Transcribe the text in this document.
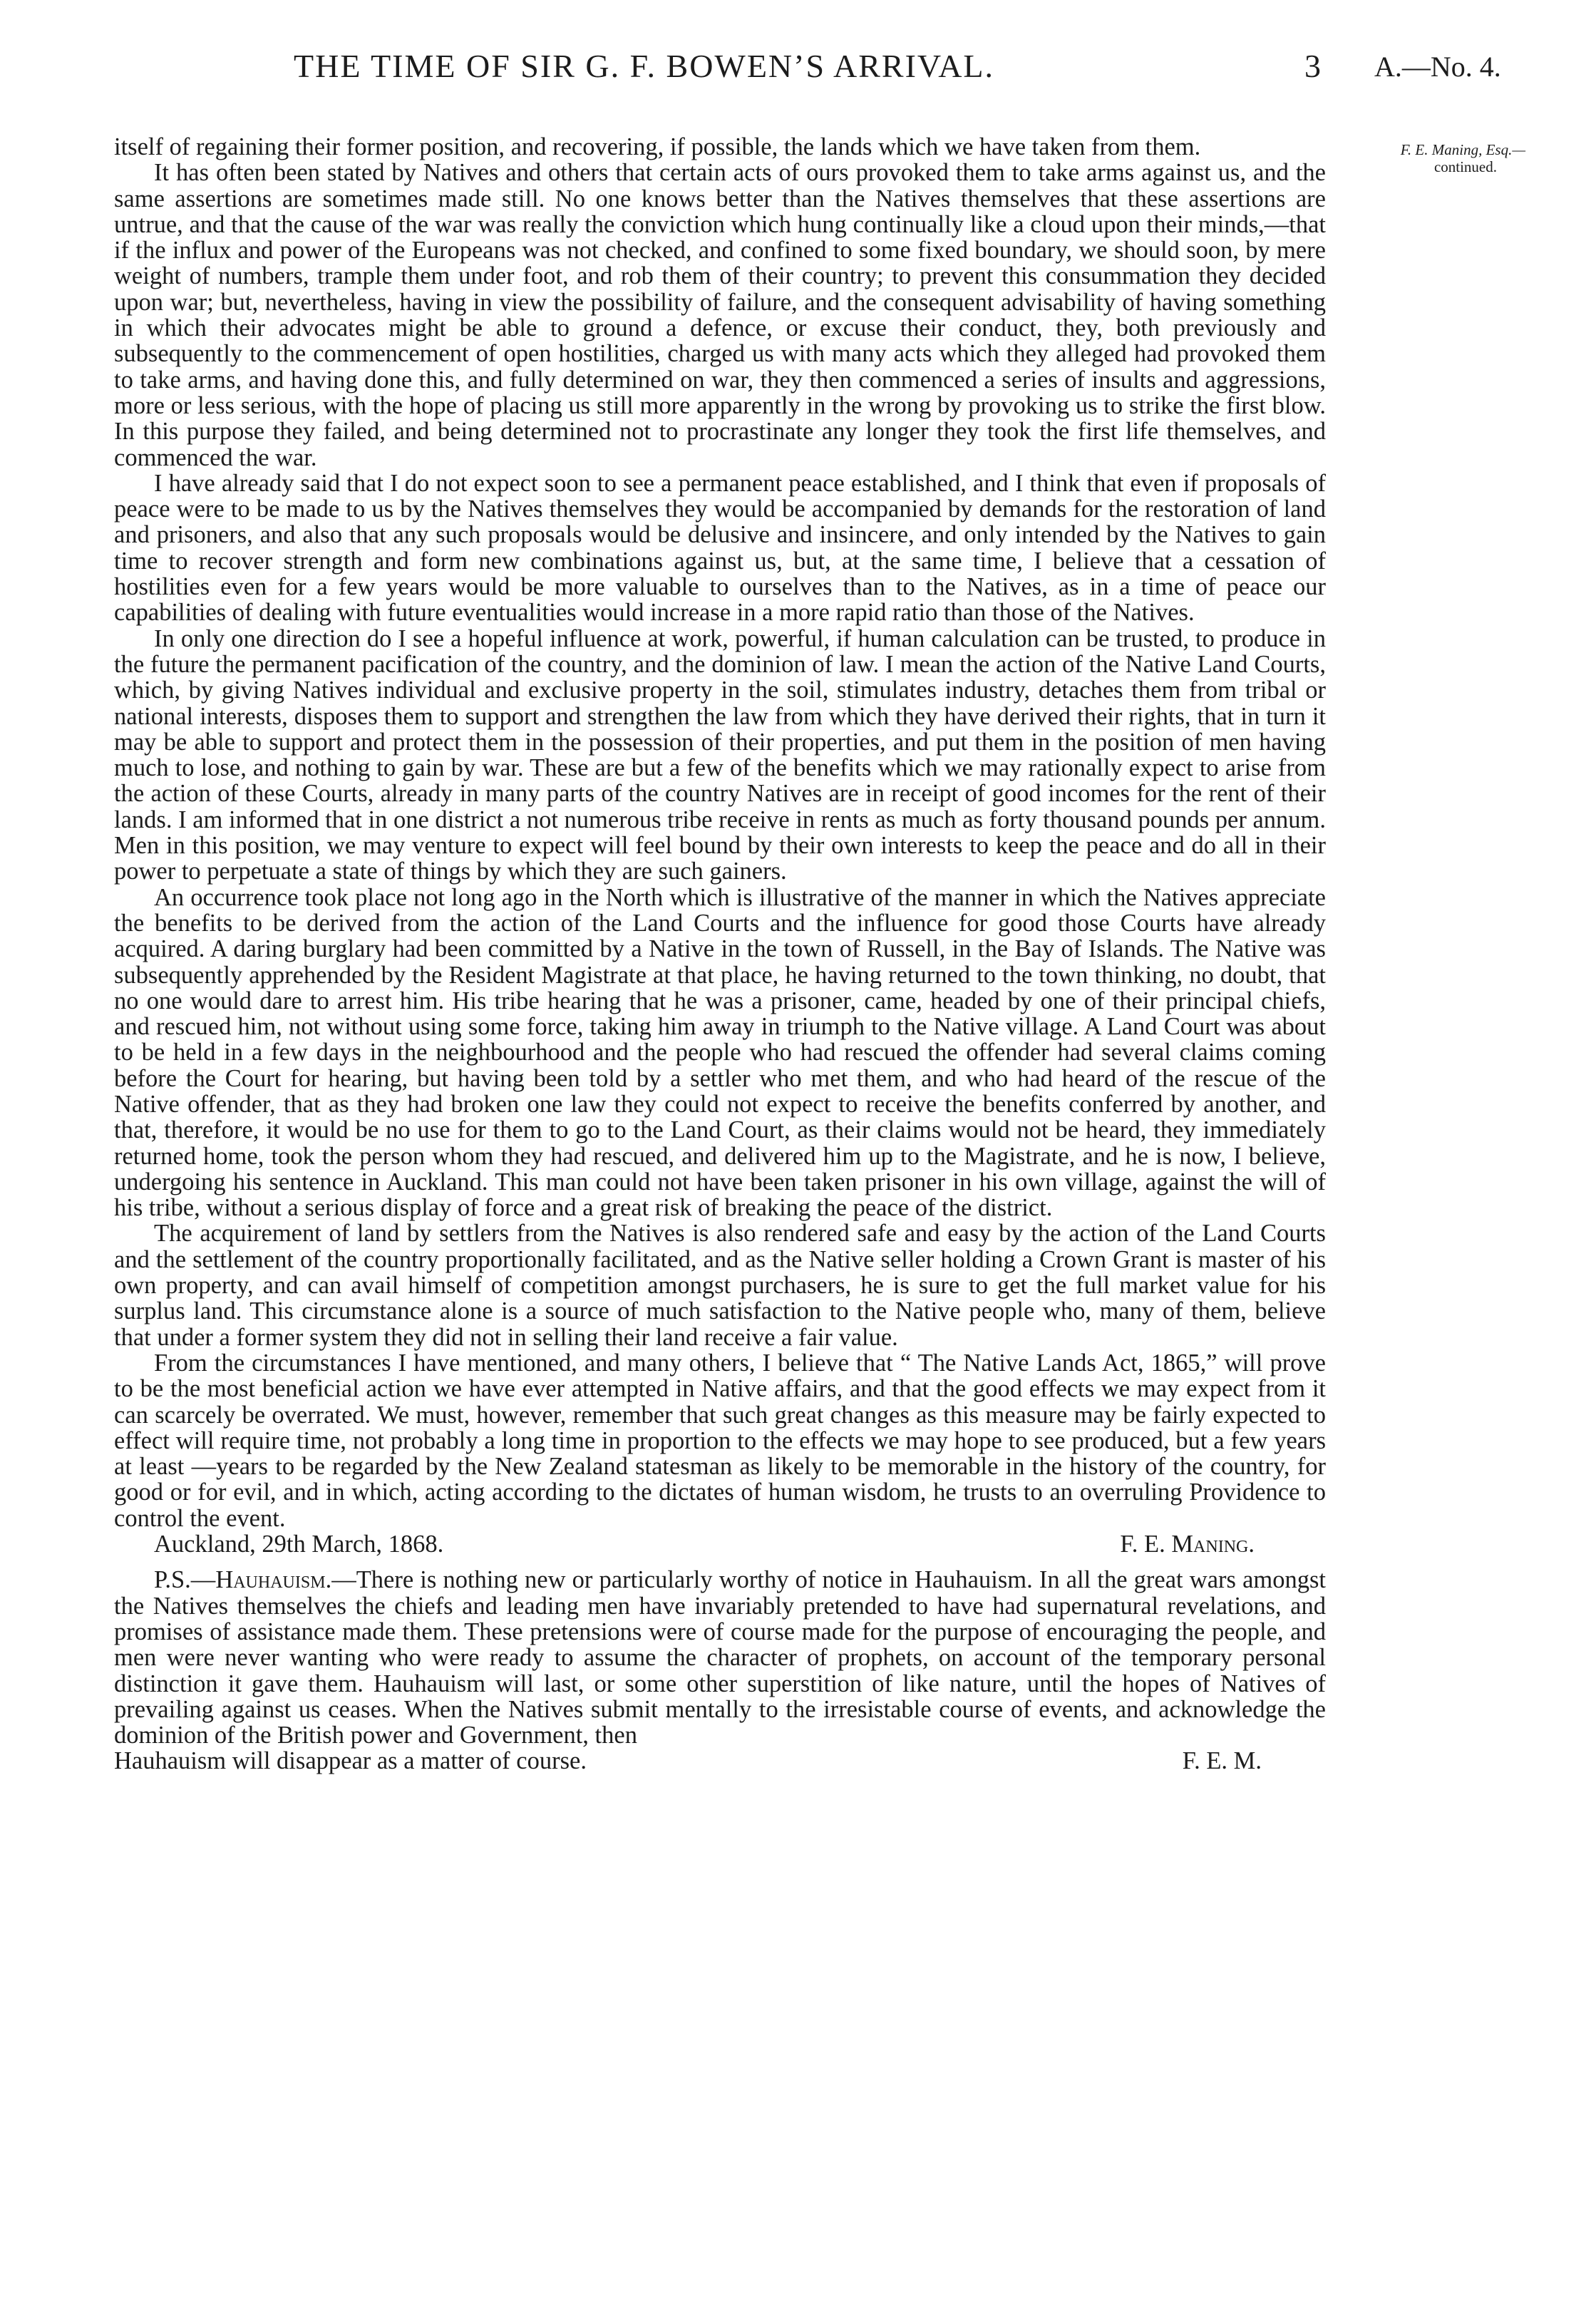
THE TIME OF SIR G. F. BOWEN’S ARRIVAL.	3 A.—No. 4.
F. E. Maning, Esq.—
continued.

itself of regaining their former position, and recovering, if possible, the lands which we have taken from them.

It has often been stated by Natives and others that certain acts of ours provoked them to take arms against us, and the same assertions are sometimes made still. No one knows better than the Natives themselves that these assertions are untrue, and that the cause of the war was really the conviction which hung continually like a cloud upon their minds,—that if the influx and power of the Europeans was not checked, and confined to some fixed boundary, we should soon, by mere weight of numbers, trample them under foot, and rob them of their country; to prevent this consummation they decided upon war; but, nevertheless, having in view the possibility of failure, and the consequent advisability of having something in which their advocates might be able to ground a defence, or excuse their conduct, they, both previously and subsequently to the commencement of open hostilities, charged us with many acts which they alleged had provoked them to take arms, and having done this, and fully determined on war, they then commenced a series of insults and aggressions, more or less serious, with the hope of placing us still more apparently in the wrong by provoking us to strike the first blow. In this purpose they failed, and being determined not to procrastinate any longer they took the first life themselves, and commenced the war.

I have already said that I do not expect soon to see a permanent peace established, and I think that even if proposals of peace were to be made to us by the Natives themselves they would be accompanied by demands for the restoration of land and prisoners, and also that any such proposals would be delusive and insincere, and only intended by the Natives to gain time to recover strength and form new combinations against us, but, at the same time, I believe that a cessation of hostilities even for a few years would be more valuable to ourselves than to the Natives, as in a time of peace our capabilities of dealing with future eventualities would increase in a more rapid ratio than those of the Natives.

In only one direction do I see a hopeful influence at work, powerful, if human calculation can be trusted, to produce in the future the permanent pacification of the country, and the dominion of law. I mean the action of the Native Land Courts, which, by giving Natives individual and exclusive property in the soil, stimulates industry, detaches them from tribal or national interests, disposes them to support and strengthen the law from which they have derived their rights, that in turn it may be able to support and protect them in the possession of their properties, and put them in the position of men having much to lose, and nothing to gain by war. These are but a few of the benefits which we may rationally expect to arise from the action of these Courts, already in many parts of the country Natives are in receipt of good incomes for the rent of their lands. I am informed that in one district a not numerous tribe receive in rents as much as forty thousand pounds per annum. Men in this position, we may venture to expect will feel bound by their own interests to keep the peace and do all in their power to perpetuate a state of things by which they are such gainers.

An occurrence took place not long ago in the North which is illustrative of the manner in which the Natives appreciate the benefits to be derived from the action of the Land Courts and the influence for good those Courts have already acquired. A daring burglary had been committed by a Native in the town of Russell, in the Bay of Islands. The Native was subsequently apprehended by the Resident Magistrate at that place, he having returned to the town thinking, no doubt, that no one would dare to arrest him. His tribe hearing that he was a prisoner, came, headed by one of their principal chiefs, and rescued him, not without using some force, taking him away in triumph to the Native village. A Land Court was about to be held in a few days in the neighbourhood and the people who had rescued the offender had several claims coming before the Court for hearing, but having been told by a settler who met them, and who had heard of the rescue of the Native offender, that as they had broken one law they could not expect to receive the benefits conferred by another, and that, therefore, it would be no use for them to go to the Land Court, as their claims would not be heard, they immediately returned home, took the person whom they had rescued, and delivered him up to the Magistrate, and he is now, I believe, undergoing his sentence in Auckland. This man could not have been taken prisoner in his own village, against the will of his tribe, without a serious display of force and a great risk of breaking the peace of the district.

The acquirement of land by settlers from the Natives is also rendered safe and easy by the action of the Land Courts and the settlement of the country proportionally facilitated, and as the Native seller holding a Crown Grant is master of his own property, and can avail himself of competition amongst purchasers, he is sure to get the full market value for his surplus land. This circumstance alone is a source of much satisfaction to the Native people who, many of them, believe that under a former system they did not in selling their land receive a fair value.

From the circumstances I have mentioned, and many others, I believe that “ The Native Lands Act, 1865,” will prove to be the most beneficial action we have ever attempted in Native affairs, and that the good effects we may expect from it can scarcely be overrated. We must, however, remember that such great changes as this measure may be fairly expected to effect will require time, not probably a long time in proportion to the effects we may hope to see produced, but a few years at least —years to be regarded by the New Zealand statesman as likely to be memorable in the history of the country, for good or for evil, and in which, acting according to the dictates of human wisdom, he trusts to an overruling Providence to control the event.

Auckland, 29th March, 1868.	F. E. Maning.

P.S.—Hauhauism.—There is nothing new or particularly worthy of notice in Hauhauism. In all the great wars amongst the Natives themselves the chiefs and leading men have invariably pretended to have had supernatural revelations, and promises of assistance made them. These pretensions were of course made for the purpose of encouraging the people, and men were never wanting who were ready to assume the character of prophets, on account of the temporary personal distinction it gave them. Hauhauism will last, or some other superstition of like nature, until the hopes of Natives of prevailing against us ceases. When the Natives submit mentally to the irresistable course of events, and acknowledge the dominion of the British power and Government, then

Hauhauism will disappear as a matter of course.	F. E. M.
